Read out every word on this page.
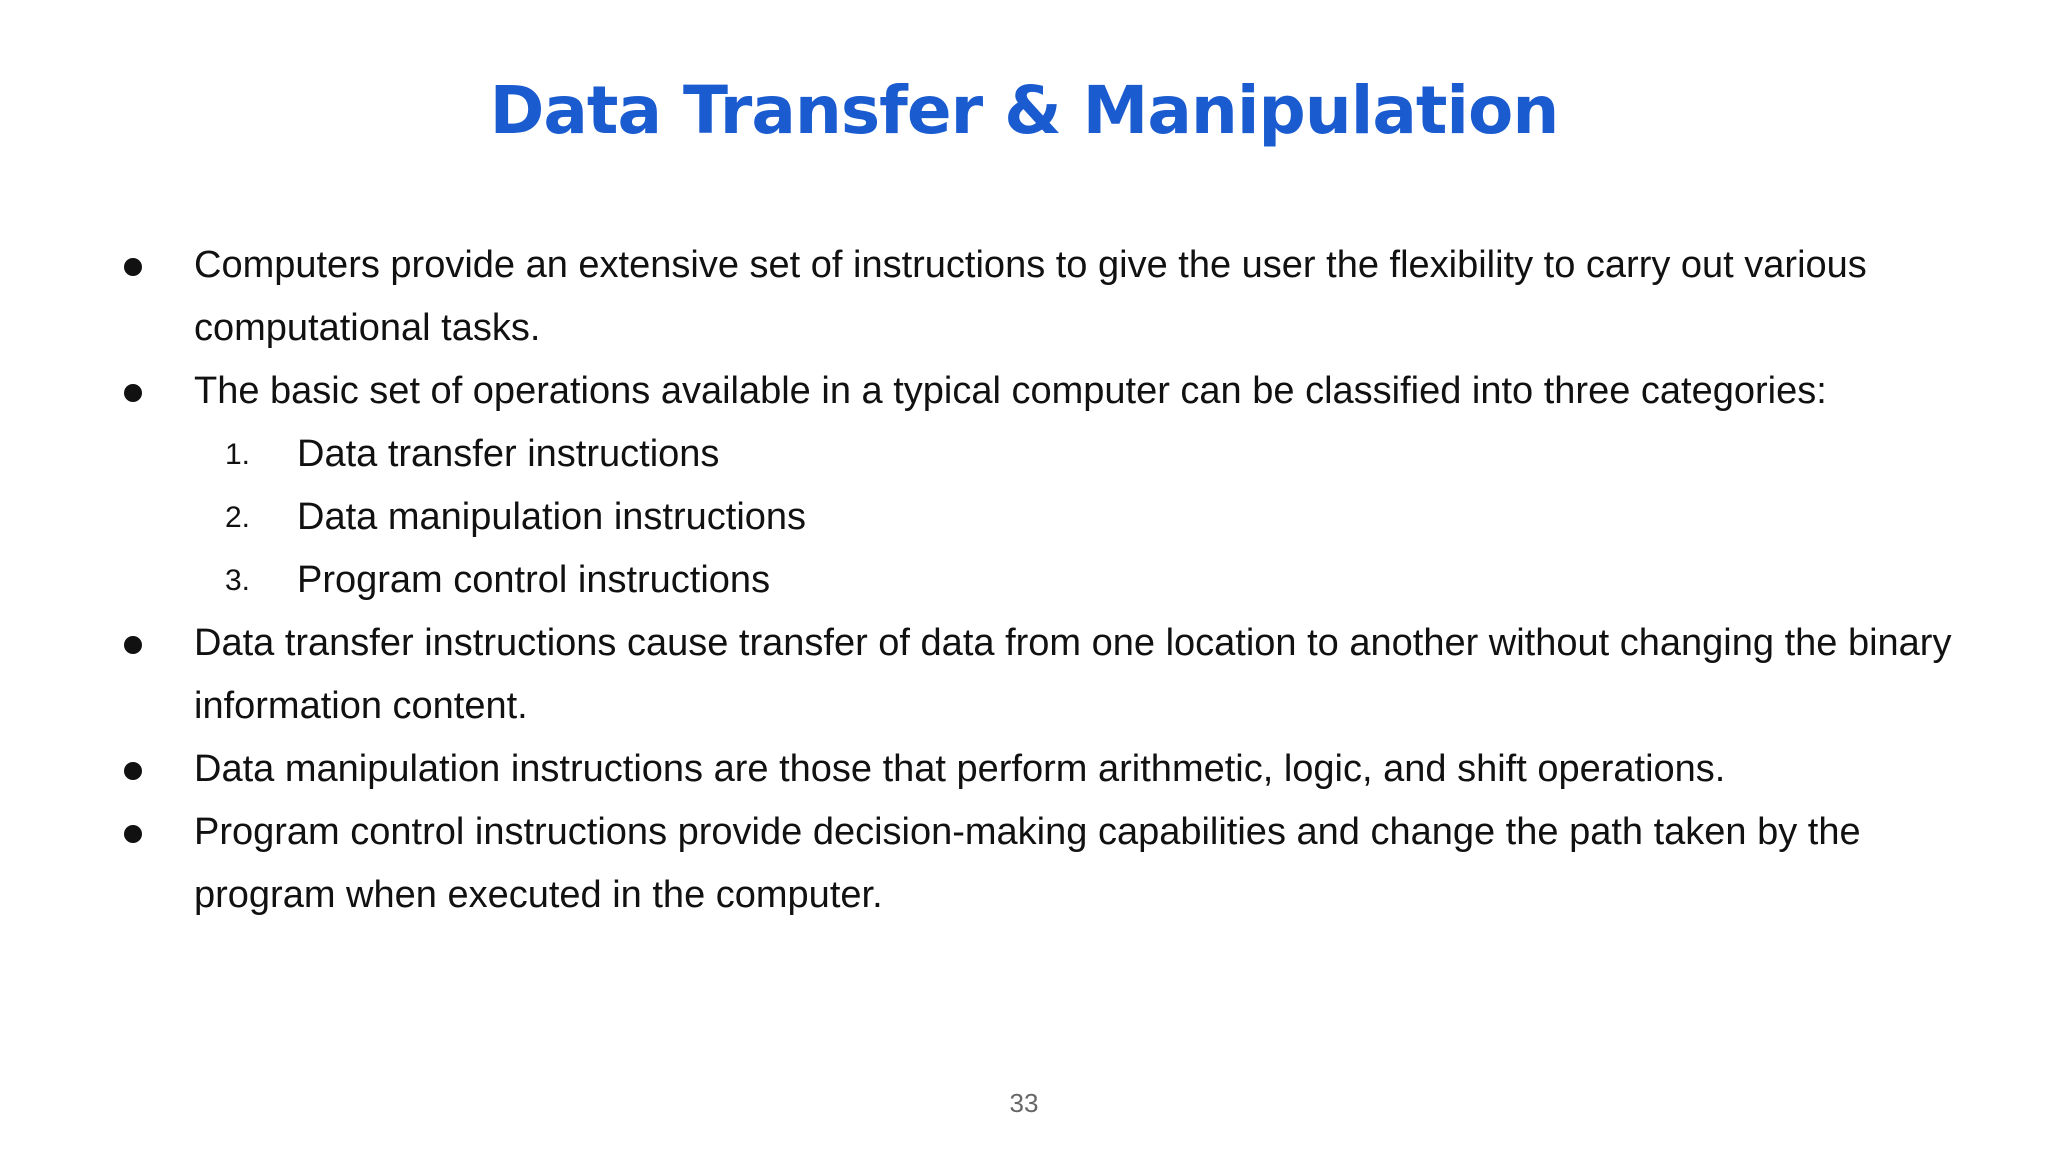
Data Transfer & Manipulation
Computers provide an extensive set of instructions to give the user the flexibility to carry out various computational tasks.
The basic set of operations available in a typical computer can be classified into three categories:
1. Data transfer instructions
2. Data manipulation instructions
3. Program control instructions
Data transfer instructions cause transfer of data from one location to another without changing the binary information content.
Data manipulation instructions are those that perform arithmetic, logic, and shift operations.
Program control instructions provide decision-making capabilities and change the path taken by the program when executed in the computer.
33
